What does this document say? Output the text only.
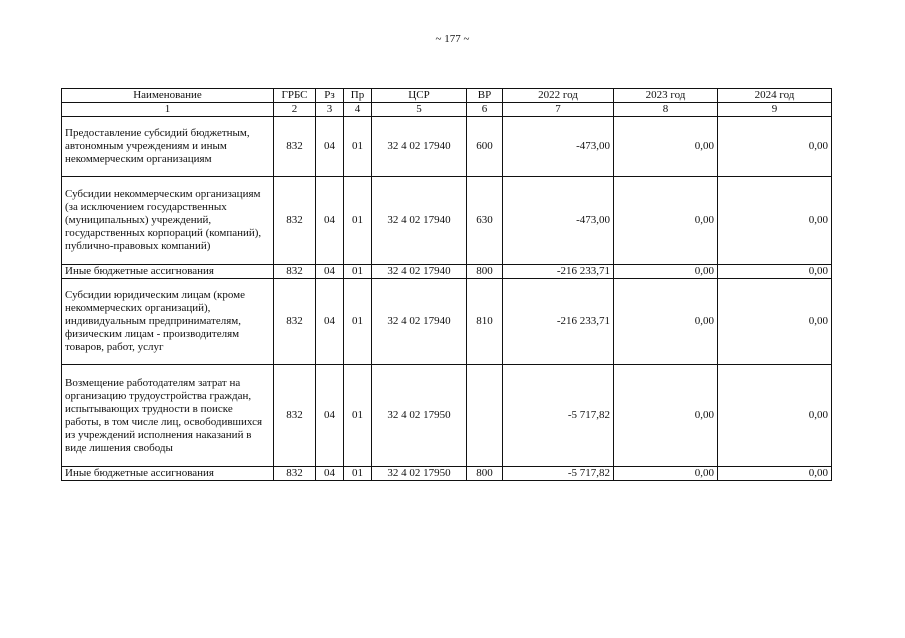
~ 177 ~
Наименование	ГРБС	Рз	Пр	ЦСР	ВР	2022 год	2023 год	2024 год
1	2	3	4	5	6	7	8	9
Предоставление субсидий бюджетным, автономным учреждениям и иным некоммерческим организациям	832	04	01	32 4 02 17940	600	-473,00	0,00	0,00
Субсидии некоммерческим организациям (за исключением государственных (муниципальных) учреждений, государственных корпораций (компаний), публично-правовых компаний)	832	04	01	32 4 02 17940	630	-473,00	0,00	0,00
Иные бюджетные ассигнования	832	04	01	32 4 02 17940	800	-216 233,71	0,00	0,00
Субсидии юридическим лицам (кроме некоммерческих организаций), индивидуальным предпринимателям, физическим лицам - производителям товаров, работ, услуг	832	04	01	32 4 02 17940	810	-216 233,71	0,00	0,00
Возмещение работодателям затрат на организацию трудоустройства граждан, испытывающих трудности в поиске работы, в том числе лиц, освободившихся из учреждений исполнения наказаний в виде лишения свободы	832	04	01	32 4 02 17950		-5 717,82	0,00	0,00
Иные бюджетные ассигнования	832	04	01	32 4 02 17950	800	-5 717,82	0,00	0,00
